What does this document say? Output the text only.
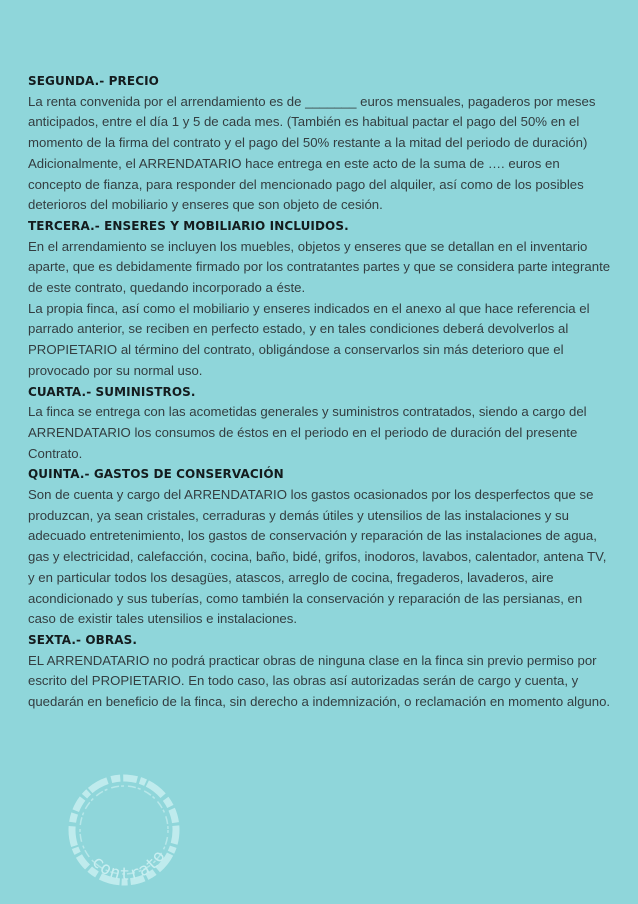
SEGUNDA.- PRECIO

La renta convenida por el arrendamiento es de _______ euros mensuales, pagaderos por meses anticipados, entre el día 1 y 5 de cada mes. (También es habitual pactar el pago del 50% en el momento de la firma del contrato y el pago del 50% restante a la mitad del periodo de duración)

Adicionalmente, el ARRENDATARIO hace entrega en este acto de la suma de …. euros en concepto de fianza, para responder del mencionado pago del alquiler, así como de los posibles deterioros del mobiliario y enseres que son objeto de cesión.

TERCERA.- ENSERES Y MOBILIARIO INCLUIDOS.

En el arrendamiento se incluyen los muebles, objetos y enseres que se detallan en el inventario aparte, que es debidamente firmado por los contratantes partes y que se considera parte integrante de este contrato, quedando incorporado a éste.

La propia finca, así como el mobiliario y enseres indicados en el anexo al que hace referencia el parrado anterior, se reciben en perfecto estado, y en tales condiciones deberá devolverlos al PROPIETARIO al término del contrato, obligándose a conservarlos sin más deterioro que el provocado por su normal uso.

CUARTA.- SUMINISTROS.

La finca se entrega con las acometidas generales y suministros contratados, siendo a cargo del ARRENDATARIO los consumos de éstos en el periodo en el periodo de duración del presente Contrato.

QUINTA.- GASTOS DE CONSERVACIÓN

Son de cuenta y cargo del ARRENDATARIO los gastos ocasionados por los desperfectos que se produzcan, ya sean cristales, cerraduras y demás útiles y utensilios de las instalaciones y su adecuado entretenimiento, los gastos de conservación y reparación de las instalaciones de agua, gas y electricidad, calefacción, cocina, baño, bidé, grifos, inodoros, lavabos, calentador, antena TV, y en particular todos los desagües, atascos, arreglo de cocina, fregaderos, lavaderos, aire acondicionado y sus tuberías, como también la conservación y reparación de las persianas, en caso de existir tales utensilios e instalaciones.

SEXTA.- OBRAS.

EL ARRENDATARIO no podrá practicar obras de ninguna clase en la finca sin previo permiso por escrito del PROPIETARIO. En todo caso, las obras así autorizadas serán de cargo y cuenta, y quedarán en beneficio de la finca, sin derecho a indemnización, o reclamación en momento alguno.

contrato
